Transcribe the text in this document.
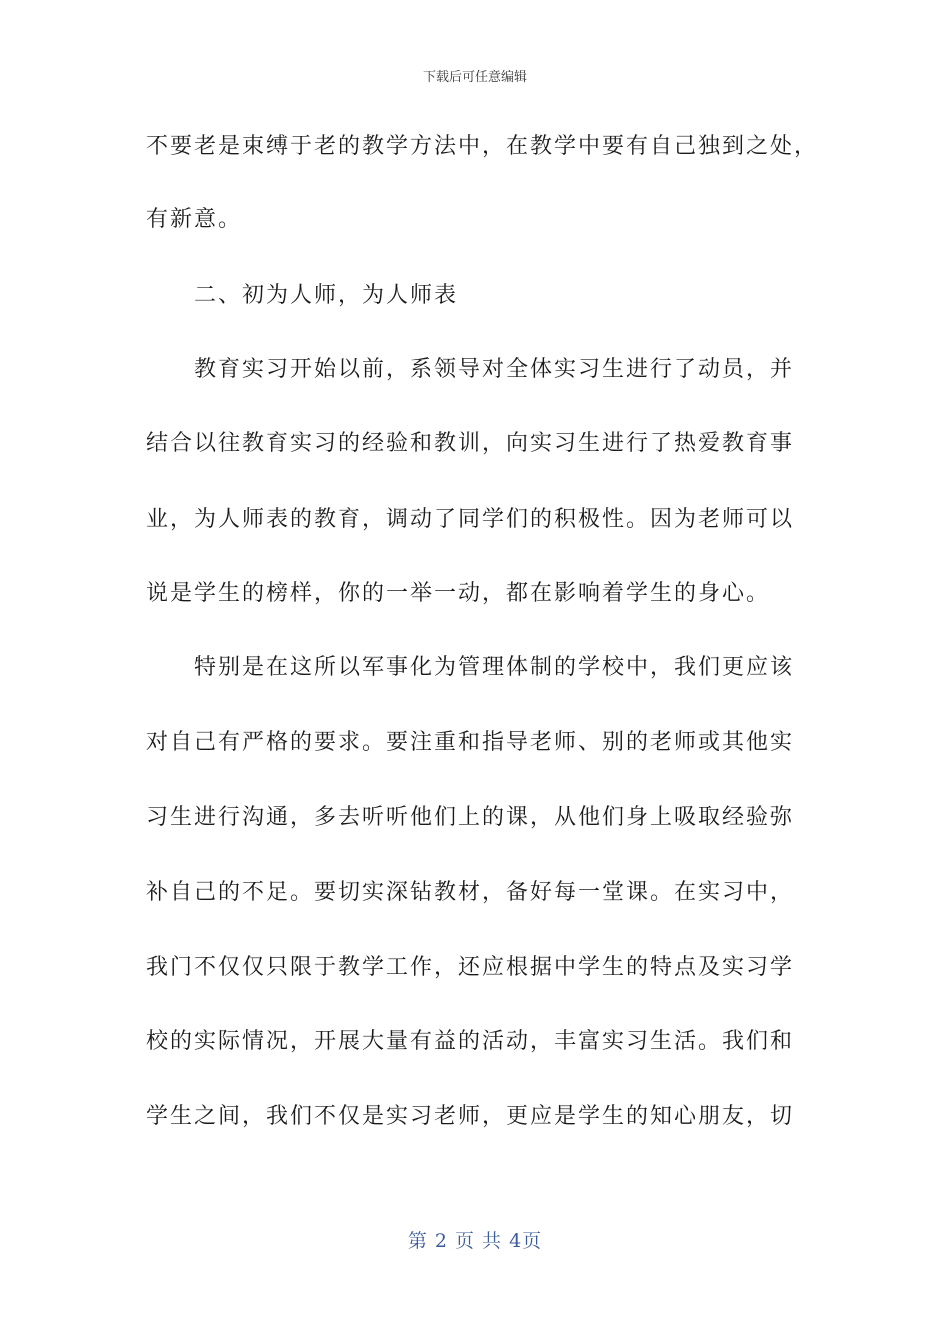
下载后可任意编辑
不要老是束缚于老的教学方法中，在教学中要有自己独到之处，
有新意。
　　二、初为人师，为人师表
　　教育实习开始以前，系领导对全体实习生进行了动员，并
结合以往教育实习的经验和教训，向实习生进行了热爱教育事
业，为人师表的教育，调动了同学们的积极性。因为老师可以
说是学生的榜样，你的一举一动，都在影响着学生的身心。
　　特别是在这所以军事化为管理体制的学校中，我们更应该
对自己有严格的要求。要注重和指导老师、别的老师或其他实
习生进行沟通，多去听听他们上的课，从他们身上吸取经验弥
补自己的不足。要切实深钻教材，备好每一堂课。在实习中，
我门不仅仅只限于教学工作，还应根据中学生的特点及实习学
校的实际情况，开展大量有益的活动，丰富实习生活。我们和
学生之间，我们不仅是实习老师，更应是学生的知心朋友，切
第 2 页 共 4页
